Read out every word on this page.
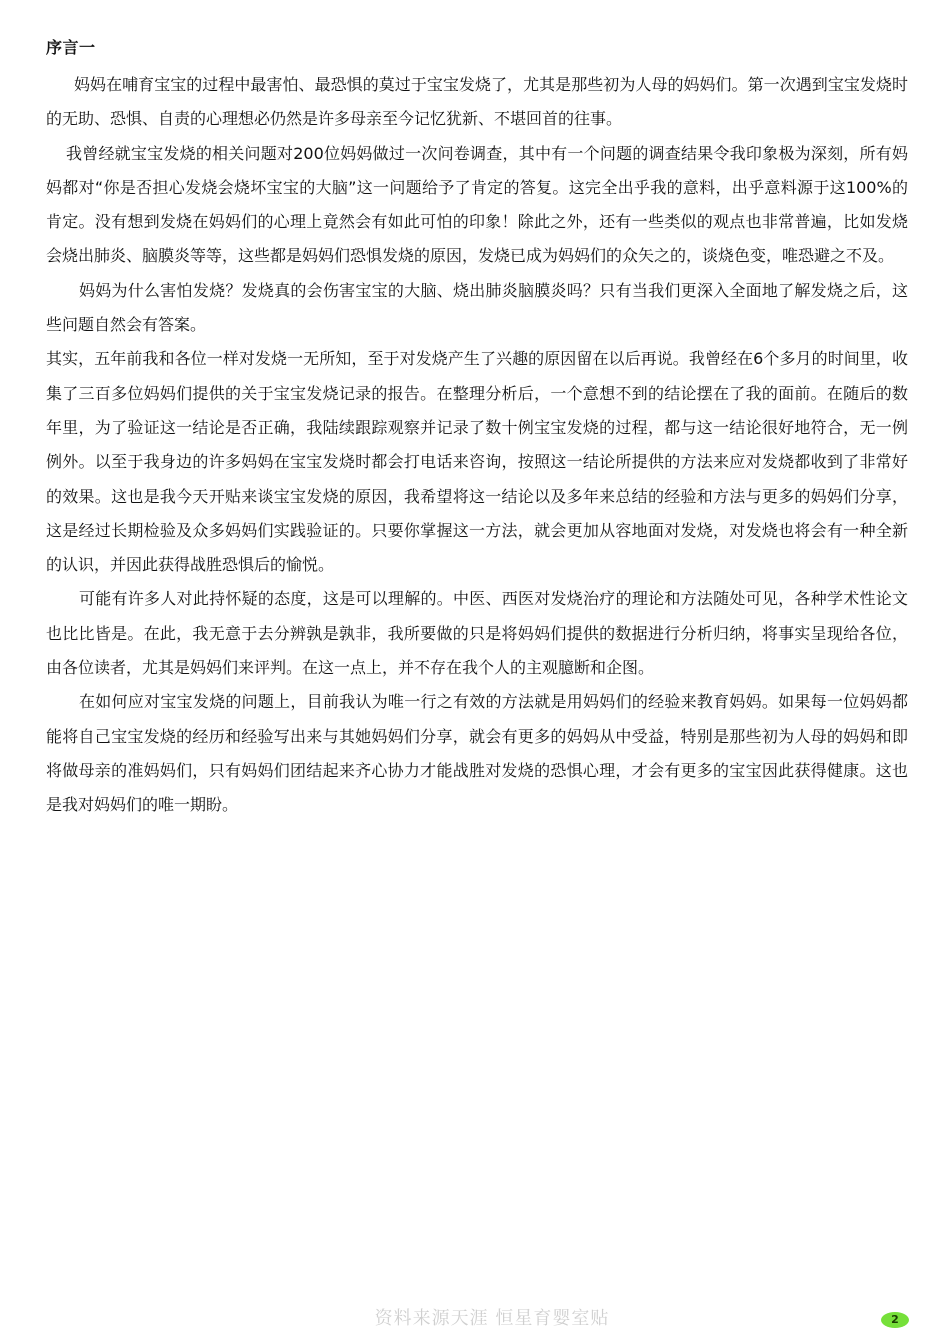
序言一

妈妈在哺育宝宝的过程中最害怕、最恐惧的莫过于宝宝发烧了，尤其是那些初为人母的妈妈们。第一次遇到宝宝发烧时的无助、恐惧、自责的心理想必仍然是许多母亲至今记忆犹新、不堪回首的往事。

我曾经就宝宝发烧的相关问题对200位妈妈做过一次问卷调查，其中有一个问题的调查结果令我印象极为深刻，所有妈妈都对“你是否担心发烧会烧坏宝宝的大脑”这一问题给予了肯定的答复。这完全出乎我的意料，出乎意料源于这100%的肯定。没有想到发烧在妈妈们的心理上竟然会有如此可怕的印象！除此之外，还有一些类似的观点也非常普遍，比如发烧会烧出肺炎、脑膜炎等等，这些都是妈妈们恐惧发烧的原因，发烧已成为妈妈们的众矢之的，谈烧色变，唯恐避之不及。

妈妈为什么害怕发烧？发烧真的会伤害宝宝的大脑、烧出肺炎脑膜炎吗？只有当我们更深入全面地了解发烧之后，这些问题自然会有答案。

其实，五年前我和各位一样对发烧一无所知，至于对发烧产生了兴趣的原因留在以后再说。我曾经在6个多月的时间里，收集了三百多位妈妈们提供的关于宝宝发烧记录的报告。在整理分析后，一个意想不到的结论摆在了我的面前。在随后的数年里，为了验证这一结论是否正确，我陆续跟踪观察并记录了数十例宝宝发烧的过程，都与这一结论很好地符合，无一例例外。以至于我身边的许多妈妈在宝宝发烧时都会打电话来咨询，按照这一结论所提供的方法来应对发烧都收到了非常好的效果。这也是我今天开贴来谈宝宝发烧的原因，我希望将这一结论以及多年来总结的经验和方法与更多的妈妈们分享，这是经过长期检验及众多妈妈们实践验证的。只要你掌握这一方法，就会更加从容地面对发烧，对发烧也将会有一种全新的认识，并因此获得战胜恐惧后的愉悦。

可能有许多人对此持怀疑的态度，这是可以理解的。中医、西医对发烧治疗的理论和方法随处可见，各种学术性论文也比比皆是。在此，我无意于去分辨孰是孰非，我所要做的只是将妈妈们提供的数据进行分析归纳，将事实呈现给各位，由各位读者，尤其是妈妈们来评判。在这一点上，并不存在我个人的主观臆断和企图。

在如何应对宝宝发烧的问题上，目前我认为唯一行之有效的方法就是用妈妈们的经验来教育妈妈。如果每一位妈妈都能将自己宝宝发烧的经历和经验写出来与其她妈妈们分享，就会有更多的妈妈从中受益，特别是那些初为人母的妈妈和即将做母亲的准妈妈们，只有妈妈们团结起来齐心协力才能战胜对发烧的恐惧心理，才会有更多的宝宝因此获得健康。这也是我对妈妈们的唯一期盼。

资料来源天涯 恒星育婴室贴	2
